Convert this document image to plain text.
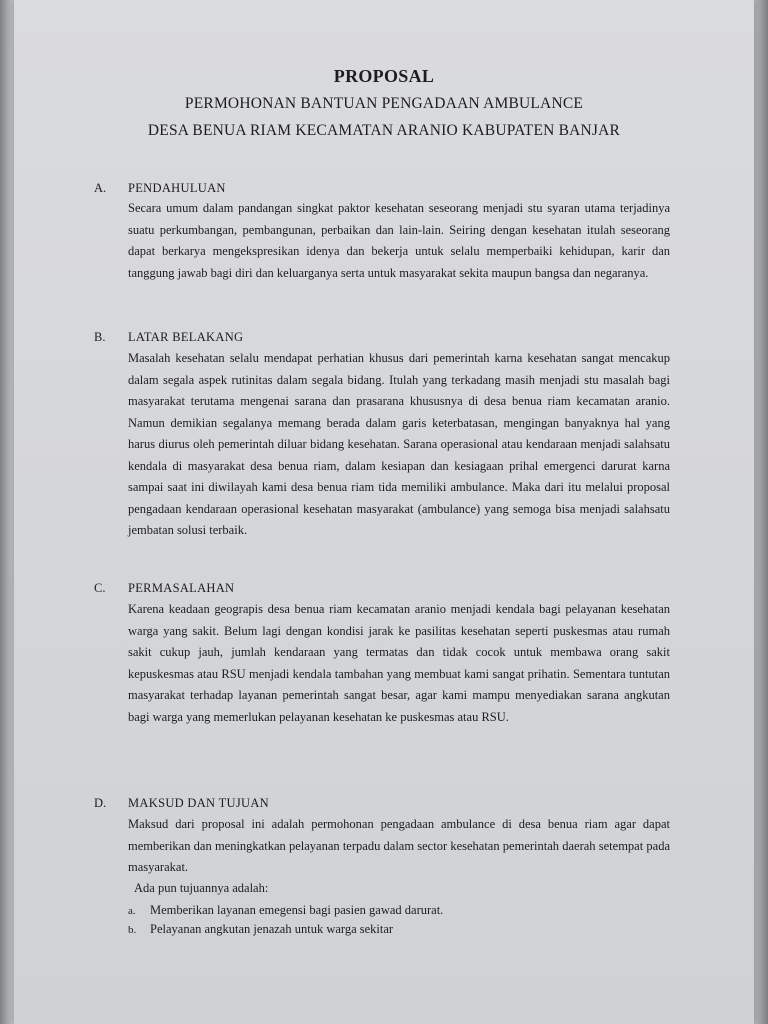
PROPOSAL
PERMOHONAN BANTUAN PENGADAAN AMBULANCE
DESA BENUA RIAM KECAMATAN ARANIO KABUPATEN BANJAR
A. PENDAHULUAN

Secara umum dalam pandangan singkat paktor kesehatan seseorang menjadi stu syaran utama terjadinya suatu perkumbangan, pembangunan, perbaikan dan lain-lain. Seiring dengan kesehatan itulah seseorang dapat berkarya mengekspresikan idenya dan bekerja untuk selalu memperbaiki kehidupan, karir dan tanggung jawab bagi diri dan keluarganya serta untuk masyarakat sekita maupun bangsa dan negaranya.

B. LATAR BELAKANG

Masalah kesehatan selalu mendapat perhatian khusus dari pemerintah karna kesehatan sangat mencakup dalam segala aspek rutinitas dalam segala bidang. Itulah yang terkadang masih menjadi stu masalah bagi masyarakat terutama mengenai sarana dan prasarana khususnya di desa benua riam kecamatan aranio. Namun demikian segalanya memang berada dalam garis keterbatasan, mengingan banyaknya hal yang harus diurus oleh pemerintah diluar bidang kesehatan. Sarana operasional atau kendaraan menjadi salahsatu kendala di masyarakat desa benua riam, dalam kesiapan dan kesiagaan prihal emergenci darurat karna sampai saat ini diwilayah kami desa benua riam tida memiliki ambulance. Maka dari itu melalui proposal pengadaan kendaraan operasional kesehatan masyarakat (ambulance) yang semoga bisa menjadi salahsatu jembatan solusi terbaik.

C. PERMASALAHAN

Karena keadaan geograpis desa benua riam kecamatan aranio menjadi kendala bagi pelayanan kesehatan warga yang sakit. Belum lagi dengan kondisi jarak ke pasilitas kesehatan seperti puskesmas atau rumah sakit cukup jauh, jumlah kendaraan yang termatas dan tidak cocok untuk membawa orang sakit kepuskesmas atau RSU menjadi kendala tambahan yang membuat kami sangat prihatin. Sementara tuntutan masyarakat terhadap layanan pemerintah sangat besar, agar kami mampu menyediakan sarana angkutan bagi warga yang memerlukan pelayanan kesehatan ke puskesmas atau RSU.

D. MAKSUD DAN TUJUAN

Maksud dari proposal ini adalah permohonan pengadaan ambulance di desa benua riam agar dapat memberikan dan meningkatkan pelayanan terpadu dalam sector kesehatan pemerintah daerah setempat pada masyarakat.

Ada pun tujuannya adalah:
a. Memberikan layanan emegensi bagi pasien gawad darurat.
b. Pelayanan angkutan jenazah untuk warga sekitar
